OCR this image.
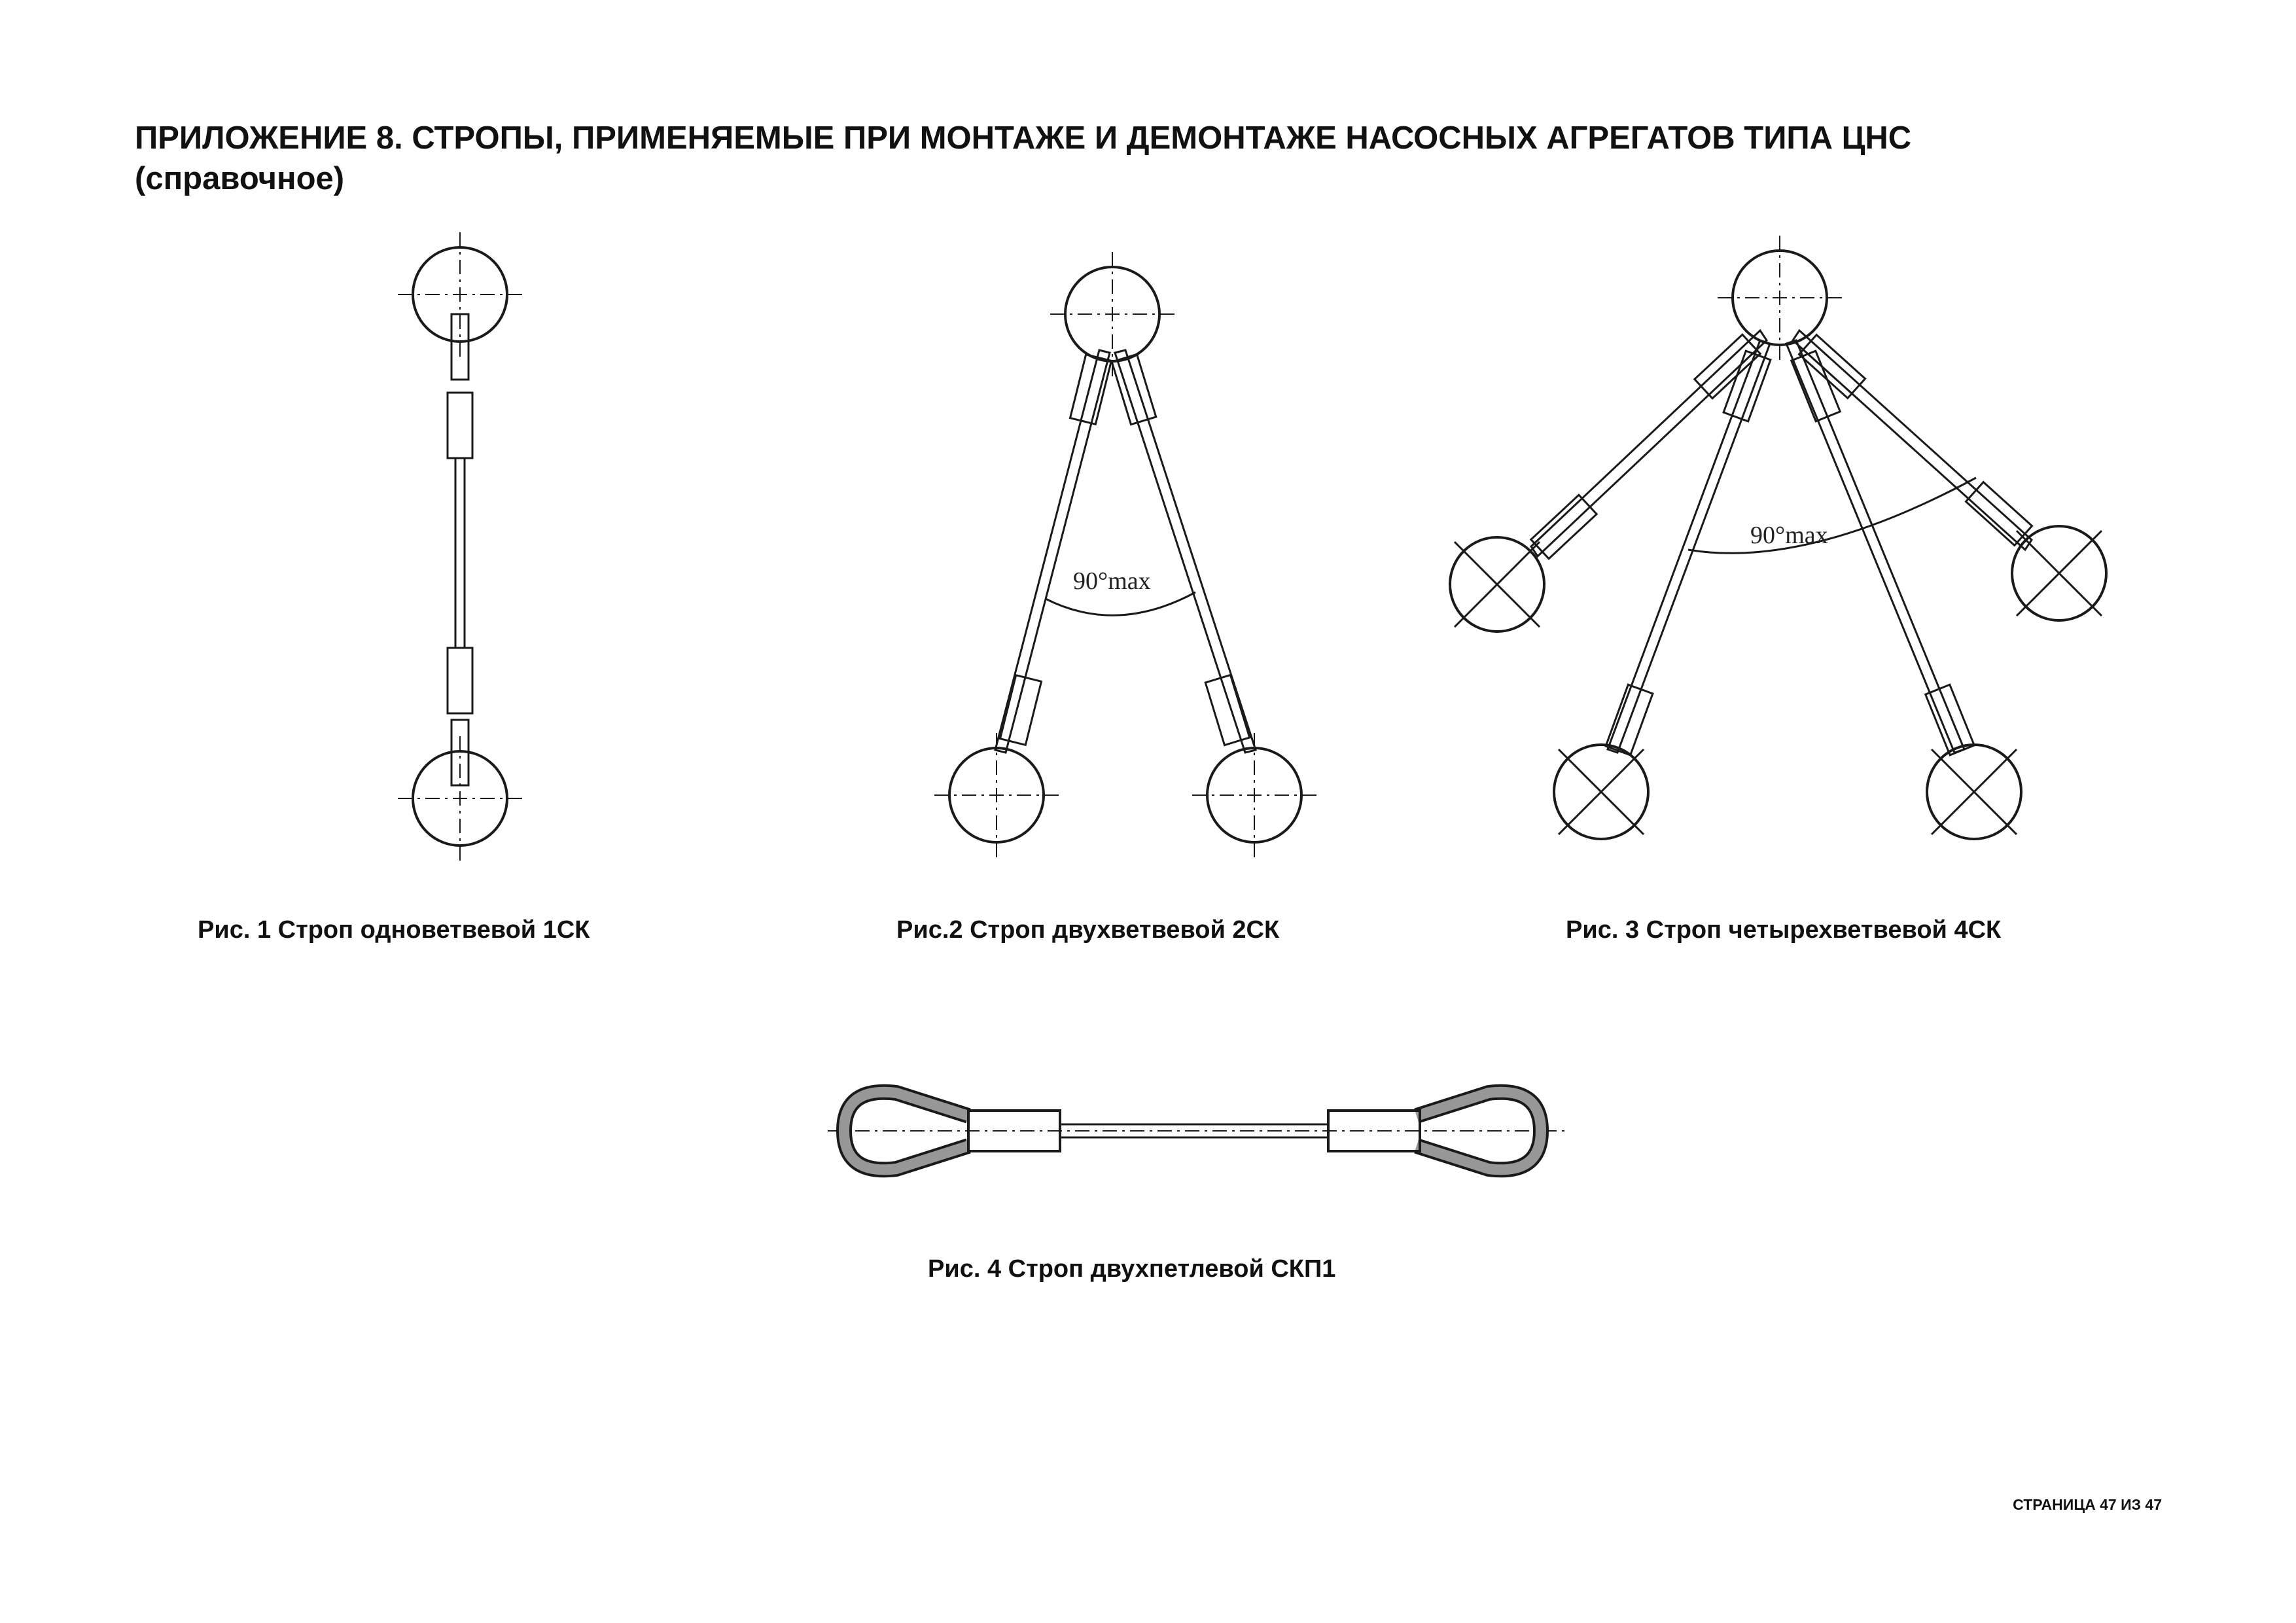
ПРИЛОЖЕНИЕ 8. СТРОПЫ, ПРИМЕНЯЕМЫЕ ПРИ МОНТАЖЕ И ДЕМОНТАЖЕ НАСОСНЫХ АГРЕГАТОВ ТИПА ЦНС
(справочное)
90°max
90°max
Рис. 1 Строп одноветвевой 1СК	Рис.2 Строп двухветвевой 2СК	Рис. 3 Строп четырехветвевой 4СК
Рис. 4 Строп двухпетлевой СКП1
СТРАНИЦА 47 ИЗ 47
